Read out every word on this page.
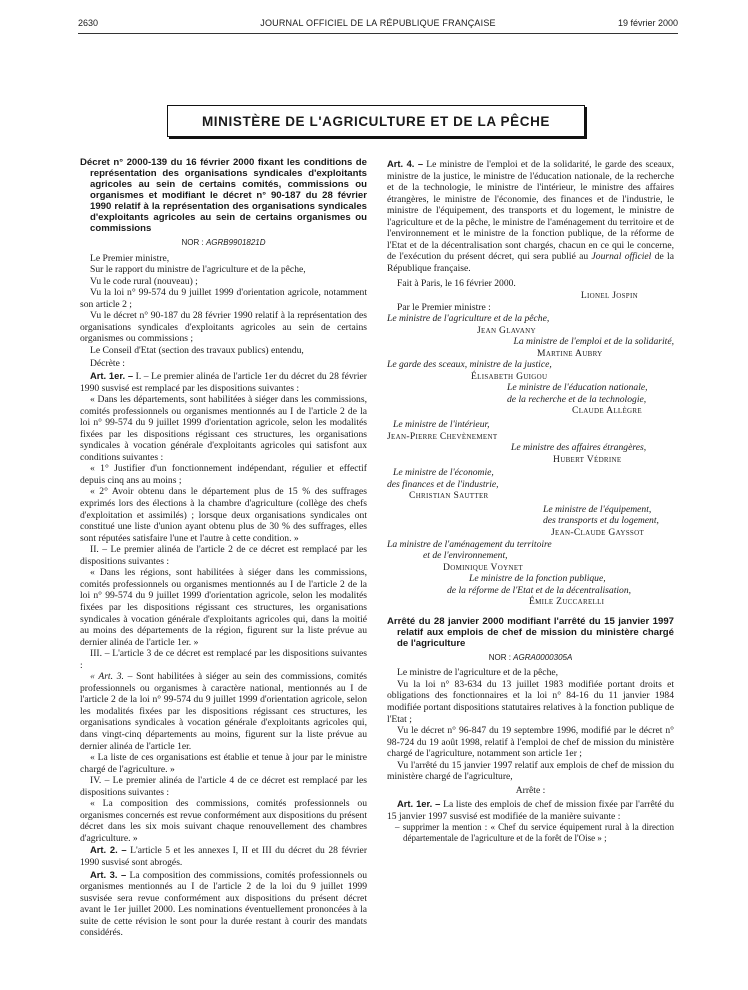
2630	JOURNAL OFFICIEL DE LA RÉPUBLIQUE FRANÇAISE	19 février 2000
MINISTÈRE DE L'AGRICULTURE ET DE LA PÊCHE

Décret n° 2000-139 du 16 février 2000 fixant les conditions de représentation des organisations syndicales d'exploitants agricoles au sein de certains comités, commissions ou organismes et modifiant le décret n° 90-187 du 28 février 1990 relatif à la représentation des organisations syndicales d'exploitants agricoles au sein de certains organismes ou commissions

NOR : AGRB9901821D

Le Premier ministre,

Sur le rapport du ministre de l'agriculture et de la pêche,

Vu le code rural (nouveau) ;

Vu la loi n° 99-574 du 9 juillet 1999 d'orientation agricole, notamment son article 2 ;

Vu le décret n° 90-187 du 28 février 1990 relatif à la représentation des organisations syndicales d'exploitants agricoles au sein de certains organismes ou commissions ;

Le Conseil d'Etat (section des travaux publics) entendu,

Décrète :

Art. 1er. – I. – Le premier alinéa de l'article 1er du décret du 28 février 1990 susvisé est remplacé par les dispositions suivantes :

« Dans les départements, sont habilitées à siéger dans les commissions, comités professionnels ou organismes mentionnés au I de l'article 2 de la loi n° 99-574 du 9 juillet 1999 d'orientation agricole, selon les modalités fixées par les dispositions régissant ces structures, les organisations syndicales à vocation générale d'exploitants agricoles qui satisfont aux conditions suivantes :

« 1° Justifier d'un fonctionnement indépendant, régulier et effectif depuis cinq ans au moins ;

« 2° Avoir obtenu dans le département plus de 15 % des suffrages exprimés lors des élections à la chambre d'agriculture (collège des chefs d'exploitation et assimilés) ; lorsque deux organisations syndicales ont constitué une liste d'union ayant obtenu plus de 30 % des suffrages, elles sont réputées satisfaire l'une et l'autre à cette condition. »

II. – Le premier alinéa de l'article 2 de ce décret est remplacé par les dispositions suivantes :

« Dans les régions, sont habilitées à siéger dans les commissions, comités professionnels ou organismes mentionnés au I de l'article 2 de la loi n° 99-574 du 9 juillet 1999 d'orientation agricole, selon les modalités fixées par les dispositions régissant ces structures, les organisations syndicales à vocation générale d'exploitants agricoles qui, dans la moitié au moins des départements de la région, figurent sur la liste prévue au dernier alinéa de l'article 1er. »

III. – L'article 3 de ce décret est remplacé par les dispositions suivantes :

« Art. 3. – Sont habilitées à siéger au sein des commissions, comités professionnels ou organismes à caractère national, mentionnés au I de l'article 2 de la loi n° 99-574 du 9 juillet 1999 d'orientation agricole, selon les modalités fixées par les dispositions régissant ces structures, les organisations syndicales à vocation générale d'exploitants agricoles qui, dans vingt-cinq départements au moins, figurent sur la liste prévue au dernier alinéa de l'article 1er.

« La liste de ces organisations est établie et tenue à jour par le ministre chargé de l'agriculture. »

IV. – Le premier alinéa de l'article 4 de ce décret est remplacé par les dispositions suivantes :

« La composition des commissions, comités professionnels ou organismes concernés est revue conformément aux dispositions du présent décret dans les six mois suivant chaque renouvellement des chambres d'agriculture. »

Art. 2. – L'article 5 et les annexes I, II et III du décret du 28 février 1990 susvisé sont abrogés.

Art. 3. – La composition des commissions, comités professionnels ou organismes mentionnés au I de l'article 2 de la loi du 9 juillet 1999 susvisée sera revue conformément aux dispositions du présent décret avant le 1er juillet 2000. Les nominations éventuellement prononcées à la suite de cette révision le sont pour la durée restant à courir des mandats considérés.

Art. 4. – Le ministre de l'emploi et de la solidarité, le garde des sceaux, ministre de la justice, le ministre de l'éducation nationale, de la recherche et de la technologie, le ministre de l'intérieur, le ministre des affaires étrangères, le ministre de l'économie, des finances et de l'industrie, le ministre de l'équipement, des transports et du logement, le ministre de l'agriculture et de la pêche, le ministre de l'aménagement du territoire et de l'environnement et le ministre de la fonction publique, de la réforme de l'Etat et de la décentralisation sont chargés, chacun en ce qui le concerne, de l'exécution du présent décret, qui sera publié au Journal officiel de la République française.

Fait à Paris, le 16 février 2000.

Lionel Jospin

Par le Premier ministre :

Le ministre de l'agriculture et de la pêche,

Jean Glavany

La ministre de l'emploi et de la solidarité,

Martine Aubry

Le garde des sceaux, ministre de la justice,

Élisabeth Guigou

Le ministre de l'éducation nationale,

de la recherche et de la technologie,

Claude Allègre

Le ministre de l'intérieur,

Jean-Pierre Chevènement

Le ministre des affaires étrangères,

Hubert Védrine

Le ministre de l'économie,

des finances et de l'industrie,

Christian Sautter

Le ministre de l'équipement,

des transports et du logement,

Jean-Claude Gayssot

La ministre de l'aménagement du territoire

et de l'environnement,

Dominique Voynet

Le ministre de la fonction publique,

de la réforme de l'Etat et de la décentralisation,

Émile Zuccarelli

Arrêté du 28 janvier 2000 modifiant l'arrêté du 15 janvier 1997 relatif aux emplois de chef de mission du ministère chargé de l'agriculture

NOR : AGRA0000305A

Le ministre de l'agriculture et de la pêche,

Vu la loi n° 83-634 du 13 juillet 1983 modifiée portant droits et obligations des fonctionnaires et la loi n° 84-16 du 11 janvier 1984 modifiée portant dispositions statutaires relatives à la fonction publique de l'Etat ;

Vu le décret n° 96-847 du 19 septembre 1996, modifié par le décret n° 98-724 du 19 août 1998, relatif à l'emploi de chef de mission du ministère chargé de l'agriculture, notamment son article 1er ;

Vu l'arrêté du 15 janvier 1997 relatif aux emplois de chef de mission du ministère chargé de l'agriculture,

Arrête :

Art. 1er. – La liste des emplois de chef de mission fixée par l'arrêté du 15 janvier 1997 susvisé est modifiée de la manière suivante :

– supprimer la mention : « Chef du service équipement rural à la direction départementale de l'agriculture et de la forêt de l'Oise » ;
